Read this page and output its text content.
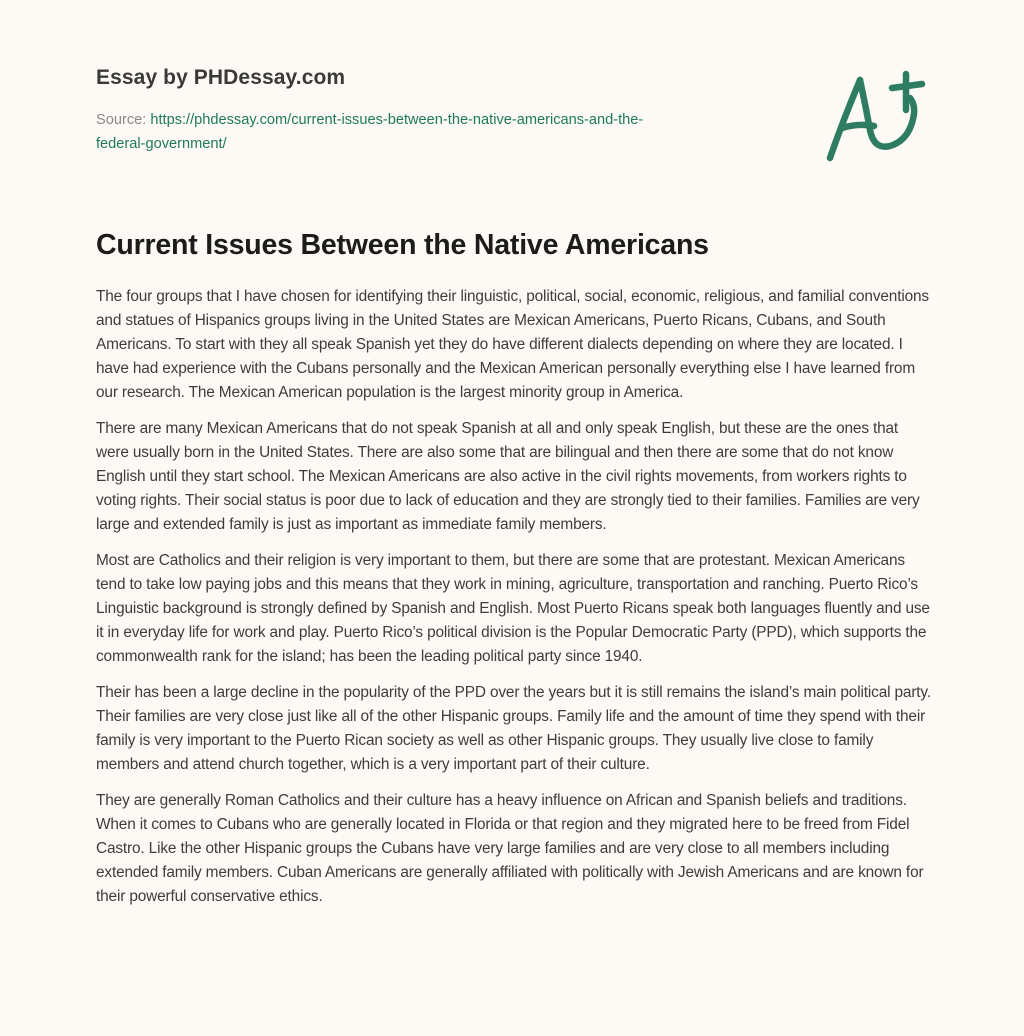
Essay by PHDessay.com
Source: https://phdessay.com/current-issues-between-the-native-americans-and-the-
federal-government/
Current Issues Between the Native Americans

The four groups that I have chosen for identifying their linguistic, political, social, economic, religious, and familial conventions and statues of Hispanics groups living in the United States are Mexican Americans, Puerto Ricans, Cubans, and South Americans. To start with they all speak Spanish yet they do have different dialects depending on where they are located. I have had experience with the Cubans personally and the Mexican American personally everything else I have learned from our research. The Mexican American population is the largest minority group in America.

There are many Mexican Americans that do not speak Spanish at all and only speak English, but these are the ones that were usually born in the United States. There are also some that are bilingual and then there are some that do not know English until they start school. The Mexican Americans are also active in the civil rights movements, from workers rights to voting rights. Their social status is poor due to lack of education and they are strongly tied to their families. Families are very large and extended family is just as important as immediate family members.

Most are Catholics and their religion is very important to them, but there are some that are protestant. Mexican Americans tend to take low paying jobs and this means that they work in mining, agriculture, transportation and ranching. Puerto Rico’s Linguistic background is strongly defined by Spanish and English. Most Puerto Ricans speak both languages fluently and use it in everyday life for work and play. Puerto Rico’s political division is the Popular Democratic Party (PPD), which supports the commonwealth rank for the island; has been the leading political party since 1940.

Their has been a large decline in the popularity of the PPD over the years but it is still remains the island’s main political party. Their families are very close just like all of the other Hispanic groups. Family life and the amount of time they spend with their family is very important to the Puerto Rican society as well as other Hispanic groups. They usually live close to family members and attend church together, which is a very important part of their culture.

They are generally Roman Catholics and their culture has a heavy influence on African and Spanish beliefs and traditions. When it comes to Cubans who are generally located in Florida or that region and they migrated here to be freed from Fidel Castro. Like the other Hispanic groups the Cubans have very large families and are very close to all members including extended family members. Cuban Americans are generally affiliated with politically with Jewish Americans and are known for their powerful conservative ethics.
